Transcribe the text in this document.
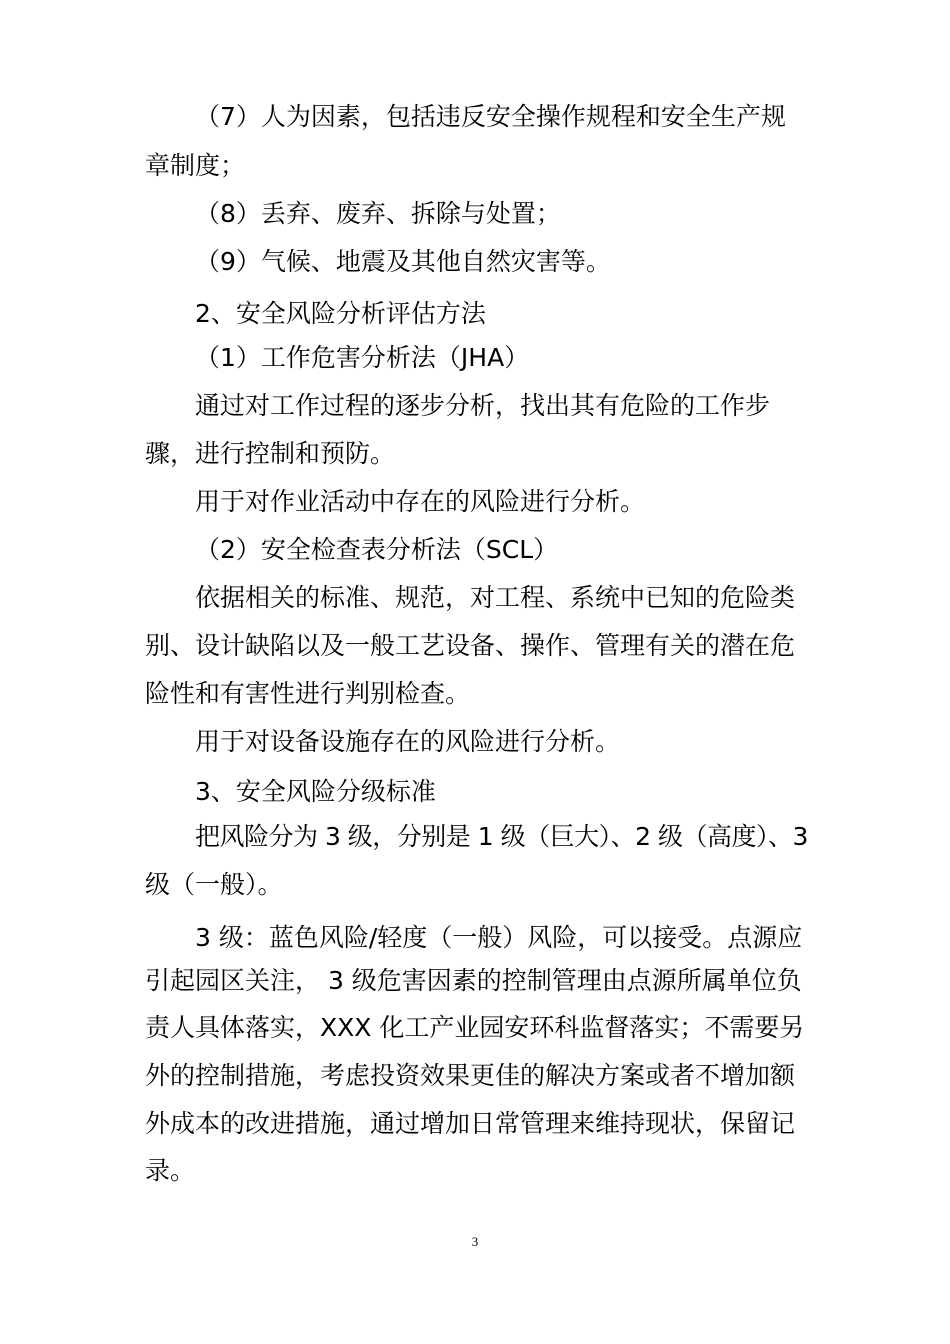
（7）人为因素，包括违反安全操作规程和安全生产规
章制度；
（8）丢弃、废弃、拆除与处置；
（9）气候、地震及其他自然灾害等。
2、安全风险分析评估方法
（1）工作危害分析法（JHA）
通过对工作过程的逐步分析，找出其有危险的工作步
骤，进行控制和预防。
用于对作业活动中存在的风险进行分析。
（2）安全检查表分析法（SCL）
依据相关的标准、规范，对工程、系统中已知的危险类
别、设计缺陷以及一般工艺设备、操作、管理有关的潜在危
险性和有害性进行判别检查。
用于对设备设施存在的风险进行分析。
3、安全风险分级标准
把风险分为 3 级，分别是 1 级（巨大）、2 级（高度）、3
级（一般）。
3 级：蓝色风险/轻度（一般）风险，可以接受。点源应
引起园区关注， 3 级危害因素的控制管理由点源所属单位负
责人具体落实，XXX 化工产业园安环科监督落实；不需要另
外的控制措施，考虑投资效果更佳的解决方案或者不增加额
外成本的改进措施，通过增加日常管理来维持现状，保留记
录。
3
